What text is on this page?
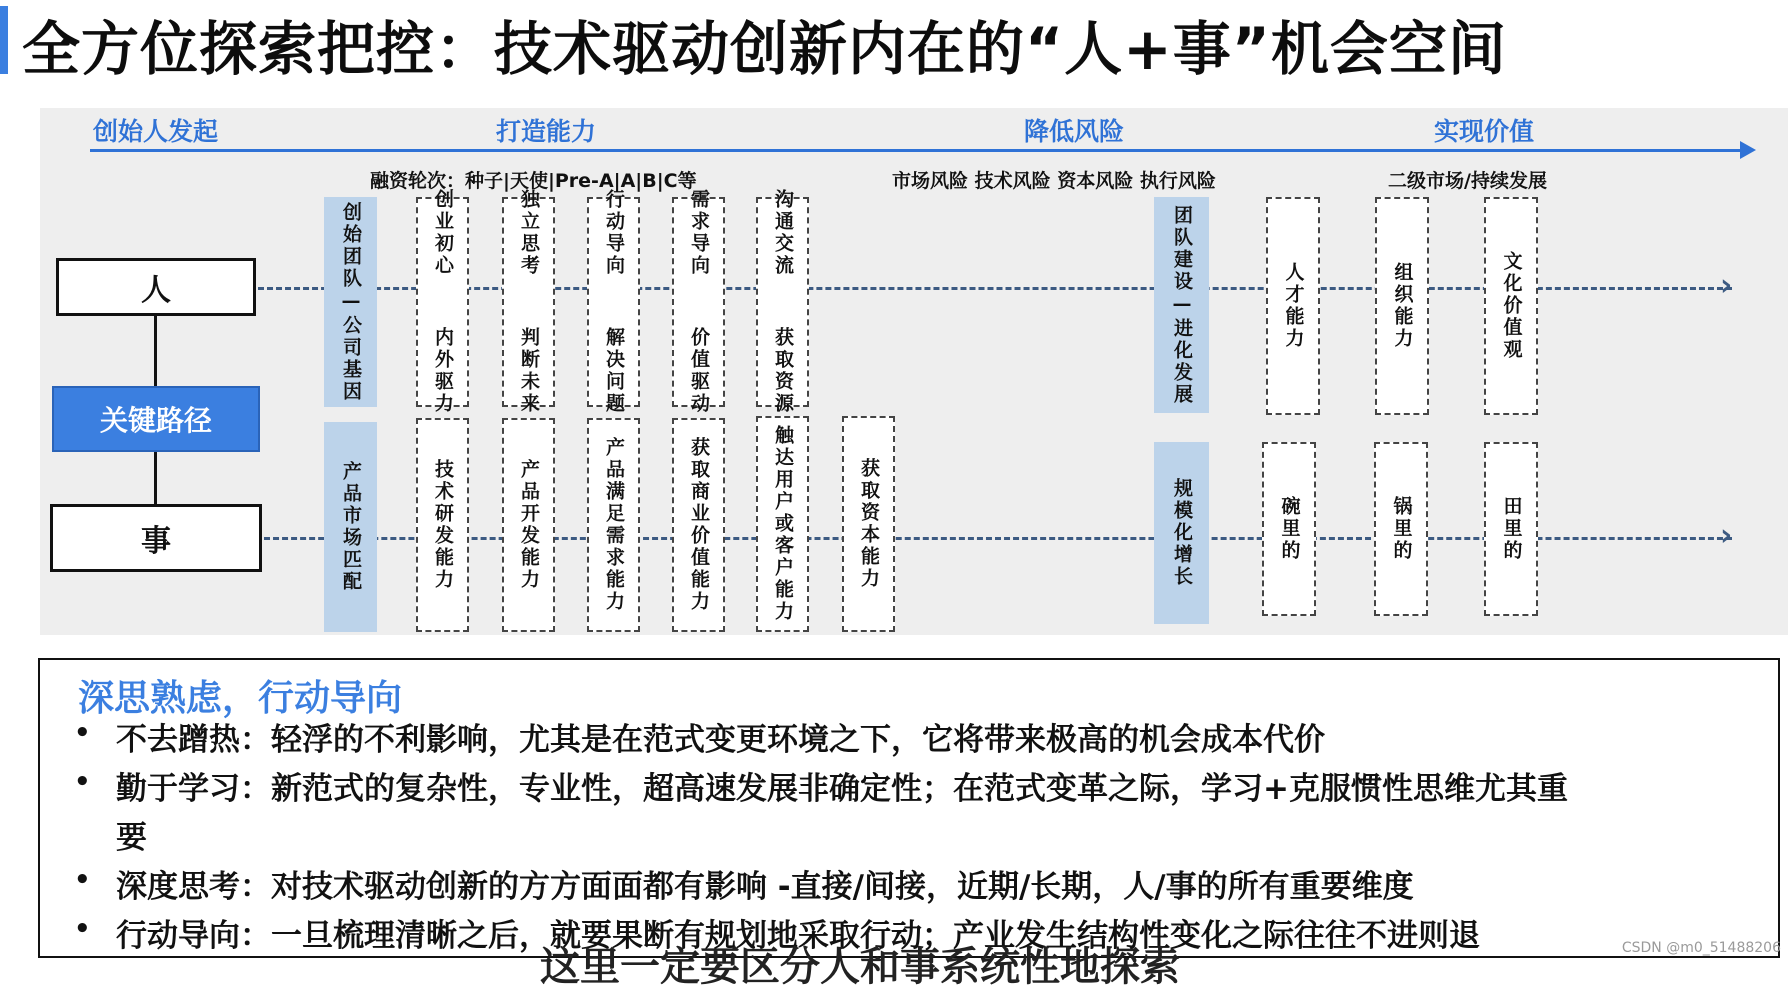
全方位探索把控：技术驱动创新内在的“人+事”机会空间
创始人发起	打造能力	降低风险	实现价值
融资轮次：种子|天使|Pre-A|A|B|C等	市场风险 技术风险 资本风险 执行风险	二级市场/持续发展
人
关键路径
事
›
›
创始团队—公司基因	创业初心  内外驱力	独立思考  判断未来	行动导向  解决问题	需求导向  价值驱动	沟通交流  获取资源	团队建设—进化发展	人才能力	组织能力	文化价值观
产品市场匹配	技术研发能力	产品开发能力	产品满足需求能力	获取商业价值能力	触达用户或客户能力	获取资本能力	规模化增长	碗里的	锅里的	田里的
深思熟虑，行动导向
• 不去蹭热：轻浮的不利影响，尤其是在范式变更环境之下，它将带来极高的机会成本代价
• 勤于学习：新范式的复杂性，专业性，超高速发展非确定性；在范式变革之际，学习+克服惯性思维尤其重
要
• 深度思考：对技术驱动创新的方方面面都有影响 -直接/间接，近期/长期，人/事的所有重要维度
• 行动导向：一旦梳理清晰之后，就要果断有规划地采取行动；产业发生结构性变化之际往往不进则退
这里一定要区分人和事系统性地探索	CSDN @m0_51488206
